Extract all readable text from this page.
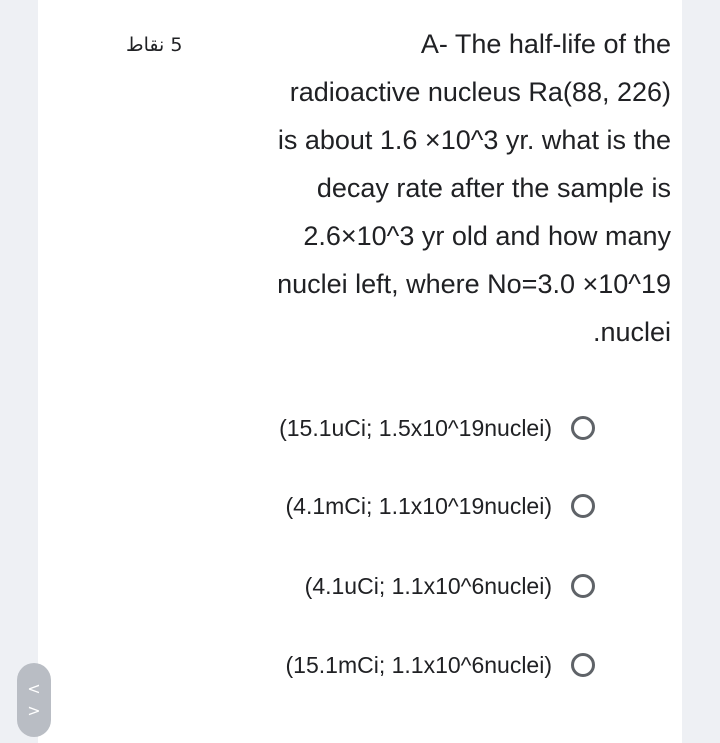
5 نقاط	A- The half-life of the
radioactive nucleus Ra(88, 226)
is about 1.6 ×10^3 yr. what is the
decay rate after the sample is
2.6×10^3 yr old and how many
nuclei left, where No=3.0 ×10^19
.nuclei
(15.1uCi; 1.5x10^19nuclei)
(4.1mCi; 1.1x10^19nuclei)
(4.1uCi; 1.1x10^6nuclei)
(15.1mCi; 1.1x10^6nuclei)
<
>
